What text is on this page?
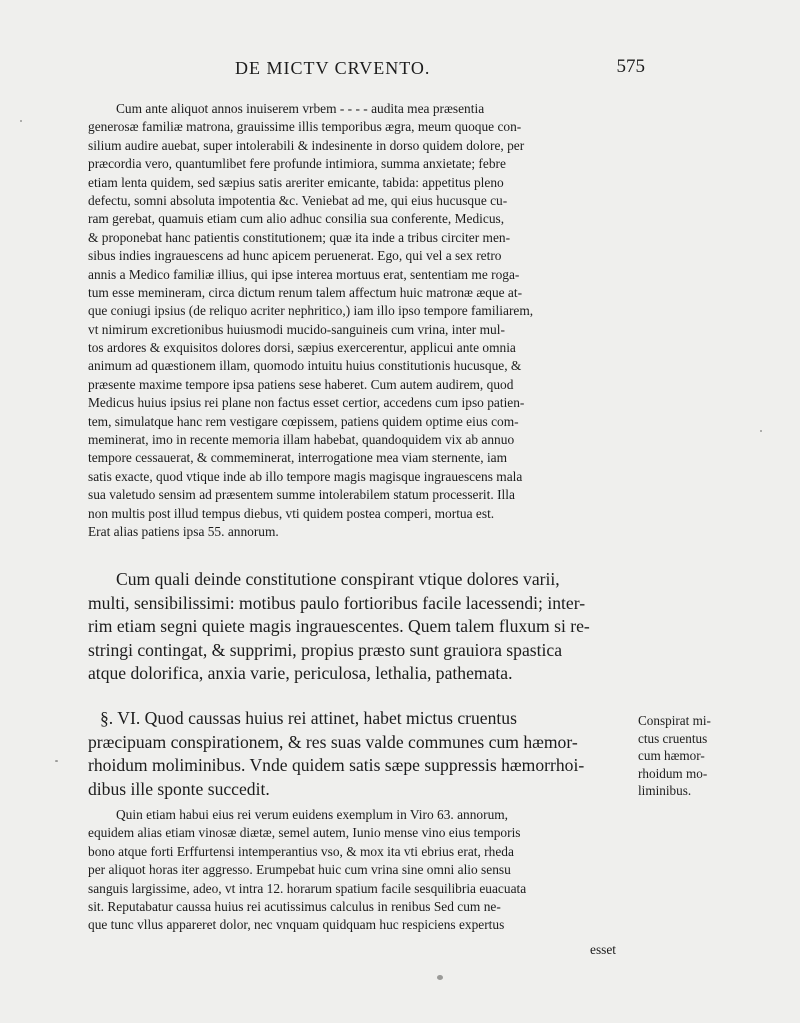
DE MICTV CRVENTO.	575
Cum ante aliquot annos inuiserem vrbem - - - - audita mea præsentia
generosæ familiæ matrona, grauissime illis temporibus ægra, meum quoque con-
silium audire auebat, super intolerabili & indesinente in dorso quidem dolore, per
præcordia vero, quantumlibet fere profunde intimiora, summa anxietate; febre
etiam lenta quidem, sed sæpius satis areriter emicante, tabida: appetitus pleno
defectu, somni absoluta impotentia &c. Veniebat ad me, qui eius hucusque cu-
ram gerebat, quamuis etiam cum alio adhuc consilia sua conferente, Medicus,
& proponebat hanc patientis constitutionem; quæ ita inde a tribus circiter men-
sibus indies ingrauescens ad hunc apicem peruenerat. Ego, qui vel a sex retro
annis a Medico familiæ illius, qui ipse interea mortuus erat, sententiam me roga-
tum esse memineram, circa dictum renum talem affectum huic matronæ æque at-
que coniugi ipsius (de reliquo acriter nephritico,) iam illo ipso tempore familiarem,
vt nimirum excretionibus huiusmodi mucido-sanguineis cum vrina, inter mul-
tos ardores & exquisitos dolores dorsi, sæpius exercerentur, applicui ante omnia
animum ad quæstionem illam, quomodo intuitu huius constitutionis hucusque, &
præsente maxime tempore ipsa patiens sese haberet. Cum autem audirem, quod
Medicus huius ipsius rei plane non factus esset certior, accedens cum ipso patien-
tem, simulatque hanc rem vestigare cœpissem, patiens quidem optime eius com-
meminerat, imo in recente memoria illam habebat, quandoquidem vix ab annuo
tempore cessauerat, & commeminerat, interrogatione mea viam sternente, iam
satis exacte, quod vtique inde ab illo tempore magis magisque ingrauescens mala
sua valetudo sensim ad præsentem summe intolerabilem statum processerit. Illa
non multis post illud tempus diebus, vti quidem postea comperi, mortua est.
Erat alias patiens ipsa 55. annorum.
Cum quali deinde constitutione conspirant vtique dolores varii,
multi, sensibilissimi: motibus paulo fortioribus facile lacessendi; inter-
rim etiam segni quiete magis ingrauescentes. Quem talem fluxum si re-
stringi contingat, & supprimi, propius præsto sunt grauiora spastica
atque dolorifica, anxia varie, periculosa, lethalia, pathemata.
§. VI. Quod caussas huius rei attinet, habet mictus cruentus
præcipuam conspirationem, & res suas valde communes cum hæmor-
rhoidum moliminibus. Vnde quidem satis sæpe suppressis hæmorrhoi-
dibus ille sponte succedit.
Quin etiam habui eius rei verum euidens exemplum in Viro 63. annorum,
equidem alias etiam vinosæ diætæ, semel autem, Iunio mense vino eius temporis
bono atque forti Erffurtensi intemperantius vso, & mox ita vti ebrius erat, rheda
per aliquot horas iter aggresso. Erumpebat huic cum vrina sine omni alio sensu
sanguis largissime, adeo, vt intra 12. horarum spatium facile sesquilibria euacuata
sit. Reputabatur caussa huius rei acutissimus calculus in renibus Sed cum ne-
que tunc vllus appareret dolor, nec vnquam quidquam huc respiciens expertus
esset
Conspirat mi-
ctus cruentus
cum hæmor-
rhoidum mo-
liminibus.
